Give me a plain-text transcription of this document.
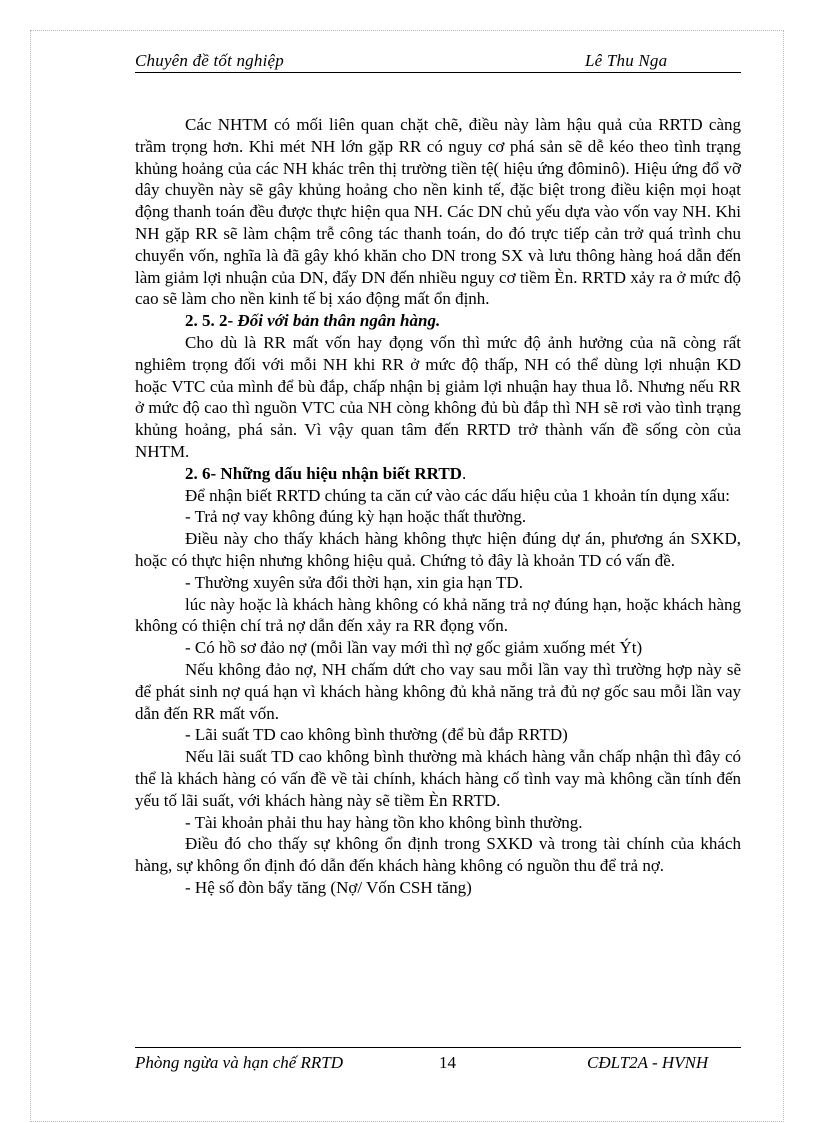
Chuyên đề tốt nghiệp	Lê Thu Nga

Các NHTM có mối liên quan chặt chẽ, điều này làm hậu quả của RRTD càng trầm trọng hơn. Khi mét NH lớn gặp RR có nguy cơ phá sản sẽ dễ kéo theo tình trạng khủng hoảng của các NH khác trên thị trường tiền tệ( hiệu ứng đôminô). Hiệu ứng đổ vỡ dây chuyền này sẽ gây khủng hoảng cho nền kinh tế, đặc biệt trong điều kiện mọi hoạt động thanh toán đều được thực hiện qua NH. Các DN chủ yếu dựa vào vốn vay NH. Khi NH gặp RR sẽ làm chậm trễ công tác thanh toán, do đó trực tiếp cản trở quá trình chu chuyển vốn, nghĩa là đã gây khó khăn cho DN trong SX và lưu thông hàng hoá dẫn đến làm giảm lợi nhuận của DN, đẩy DN đến nhiều nguy cơ tiềm Èn. RRTD xảy ra ở mức độ cao sẽ làm cho nền kinh tế bị xáo động mất ổn định.

2. 5. 2- Đối với bản thân ngân hàng.

Cho dù là RR mất vốn hay đọng vốn thì mức độ ảnh hưởng của nã còng rất nghiêm trọng đối với mỗi NH khi RR ở mức độ thấp, NH có thể dùng lợi nhuận KD hoặc VTC của mình để bù đắp, chấp nhận bị giảm lợi nhuận hay thua lỗ. Nhưng nếu RR ở mức độ cao thì nguồn VTC của NH còng không đủ bù đắp thì NH sẽ rơi vào tình trạng khủng hoảng, phá sản. Vì vậy quan tâm đến RRTD trở thành vấn đề sống còn của NHTM.

2. 6- Những dấu hiệu nhận biết RRTD.

Để nhận biết RRTD chúng ta căn cứ vào các dấu hiệu của 1 khoản tín dụng xấu:

- Trả nợ vay không đúng kỳ hạn hoặc thất thường.

Điều này cho thấy khách hàng không thực hiện đúng dự án, phương án SXKD, hoặc có thực hiện nhưng không hiệu quả. Chứng tỏ đây là khoản TD có vấn đề.

- Thường xuyên sửa đổi thời hạn, xin gia hạn TD.

lúc này hoặc là khách hàng không có khả năng trả nợ đúng hạn, hoặc khách hàng không có thiện chí trả nợ dẫn đến xảy ra RR đọng vốn.

- Có hồ sơ đảo nợ (mỗi lần vay mới thì nợ gốc giảm xuống mét Ýt)

Nếu không đảo nợ, NH chấm dứt cho vay sau mỗi lần vay thì trường hợp này sẽ để phát sinh nợ quá hạn vì khách hàng không đủ khả năng trả đủ nợ gốc sau mỗi lần vay dẫn đến RR mất vốn.

- Lãi suất TD cao không bình thường (để bù đắp RRTD)

Nếu lãi suất TD cao không bình thường mà khách hàng vẫn chấp nhận thì đây có thể là khách hàng có vấn đề về tài chính, khách hàng cố tình vay mà không cần tính đến yếu tố lãi suất, với khách hàng này sẽ tiềm Èn RRTD.

- Tài khoản phải thu hay hàng tồn kho không bình thường.

Điều đó cho thấy sự không ổn định trong SXKD và trong tài chính của khách hàng, sự không ổn định đó dẫn đến khách hàng không có nguồn thu để trả nợ.

- Hệ số đòn bẩy tăng (Nợ/ Vốn CSH tăng)

Phòng ngừa và hạn chế RRTD	14	CĐLT2A - HVNH
